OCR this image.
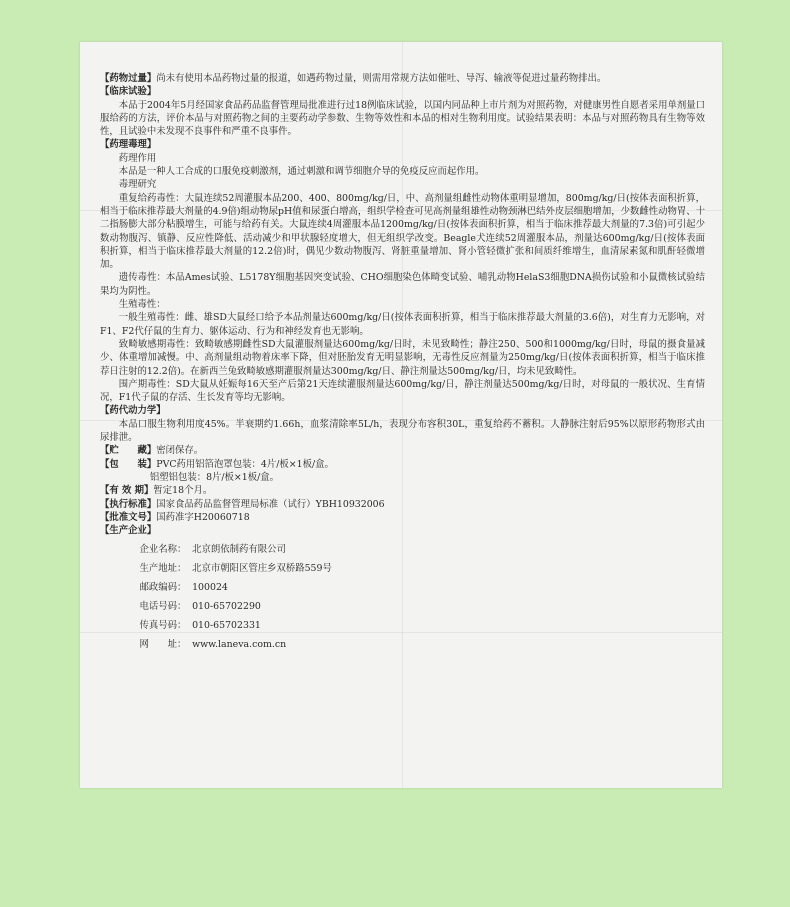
【药物过量】尚未有使用本品药物过量的报道，如遇药物过量，则需用常规方法如催吐、导泻、输液等促进过量药物排出。

【临床试验】

本品于2004年5月经国家食品药品监督管理局批准进行过18例临床试验，以国内同品种上市片剂为对照药物，对健康男性自愿者采用单剂量口服给药的方法，评价本品与对照药物之间的主要药动学参数、生物等效性和本品的相对生物利用度。试验结果表明：本品与对照药物具有生物等效性，且试验中未发现不良事件和严重不良事件。

【药理毒理】

药理作用

本品是一种人工合成的口服免疫刺激剂，通过刺激和调节细胞介导的免疫反应而起作用。

毒理研究

重复给药毒性：大鼠连续52周灌服本品200、400、800mg/kg/日，中、高剂量组雌性动物体重明显增加，800mg/kg/日(按体表面积折算，相当于临床推荐最大剂量的4.9倍)组动物尿pH值和尿蛋白增高，组织学检查可见高剂量组雄性动物颈淋巴结外皮层细胞增加，少数雌性动物胃、十二指肠膨大部分粘膜增生，可能与给药有关。大鼠连续4周灌服本品1200mg/kg/日(按体表面积折算，相当于临床推荐最大剂量的7.3倍)可引起少数动物腹泻、镇静、反应性降低、活动减少和甲状腺轻度增大，但无组织学改变。Beagle犬连续52周灌服本品，剂量达600mg/kg/日(按体表面积折算，相当于临床推荐最大剂量的12.2倍)时，偶见少数动物腹泻、肾脏重量增加、肾小管轻微扩张和间质纤维增生，血清尿素氮和肌酐轻微增加。

遗传毒性：本品Ames试验、L5178Y细胞基因突变试验、CHO细胞染色体畸变试验、哺乳动物HelaS3细胞DNA损伤试验和小鼠微核试验结果均为阴性。

生殖毒性：

一般生殖毒性：雌、雄SD大鼠经口给予本品剂量达600mg/kg/日(按体表面积折算，相当于临床推荐最大剂量的3.6倍)，对生育力无影响，对F1、F2代仔鼠的生育力、躯体运动、行为和神经发育也无影响。

致畸敏感期毒性：致畸敏感期雌性SD大鼠灌服剂量达600mg/kg/日时，未见致畸性；静注250、500和1000mg/kg/日时，母鼠的摄食量减少、体重增加减慢。中、高剂量组动物着床率下降，但对胚胎发育无明显影响，无毒性反应剂量为250mg/kg/日(按体表面积折算，相当于临床推荐日注射的12.2倍)。在新西兰兔致畸敏感期灌服剂量达300mg/kg/日、静注剂量达500mg/kg/日，均未见致畸性。

围产期毒性：SD大鼠从妊娠每16天至产后第21天连续灌服剂量达600mg/kg/日，静注剂量达500mg/kg/日时，对母鼠的一般状况、生育情况，F1代子鼠的存活、生长发育等均无影响。

【药代动力学】

本品口服生物利用度45%。半衰期约1.66h，血浆清除率5L/h，表现分布容积30L，重复给药不蓄积。人静脉注射后95%以原形药物形式由尿排泄。

【贮　　藏】密闭保存。

【包　　装】PVC药用铝箔泡罩包装：4片/板×1板/盒。

铝塑铝包装：8片/板×1板/盒。

【有 效 期】暂定18个月。

【执行标准】国家食品药品监督管理局标准（试行）YBH10932006

【批准文号】国药准字H20060718

【生产企业】

企业名称： 北京朗依制药有限公司
生产地址： 北京市朝阳区管庄乡双桥路559号
邮政编码： 100024
电话号码： 010-65702290
传真号码： 010-65702331
网　　址： www.laneva.com.cn
